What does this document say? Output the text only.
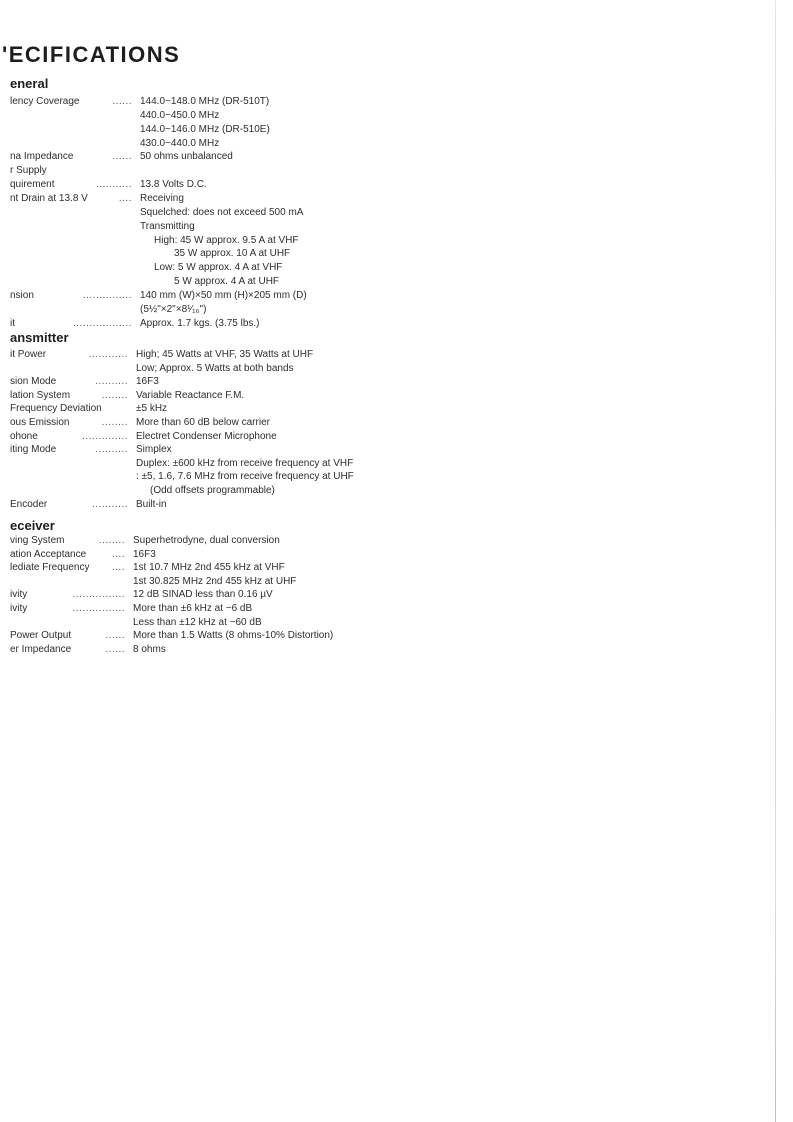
'ECIFICATIONS
eneral
lency Coverage	...... 144.0~148.0 MHz (DR-510T)
440.0~450.0 MHz
144.0~146.0 MHz (DR-510E)
430.0~440.0 MHz
na Impedance	...... 50 ohms unbalanced
r Supply
quirement	........... 13.8 Volts D.C.
nt Drain at 13.8 V	.... Receiving
Squelched: does not exceed 500 mA
Transmitting
High: 45 W approx. 9.5 A at VHF
35 W approx. 10 A at UHF
Low: 5 W approx. 4 A at VHF
5 W approx. 4 A at UHF
nsion	............... 140 mm (W)×50 mm (H)×205 mm (D)
(5½"×2"×8¹⁄₁₆")
it	.................. Approx. 1.7 kgs. (3.75 lbs.)
ansmitter
it Power	............ High; 45 Watts at VHF, 35 Watts at UHF
Low; Approx. 5 Watts at both bands
sion Mode	.......... 16F3
lation System	........ Variable Reactance F.M.
Frequency Deviation	±5 kHz
ous Emission	........ More than 60 dB below carrier
ohone	.............. Electret Condenser Microphone
iting Mode	.......... Simplex
Duplex: ±600 kHz from receive frequency at VHF
: ±5, 1.6, 7.6 MHz from receive frequency at UHF
(Odd offsets programmable)
Encoder	........... Built-in
eceiver
ving System	........ Superhetrodyne, dual conversion
ation Acceptance	.... 16F3
lediate Frequency .... 1st 10.7 MHz 2nd 455 kHz at VHF
1st 30.825 MHz 2nd 455 kHz at UHF
ivity	................ 12 dB SINAD less than 0.16 µV
ivity	................ More than ±6 kHz at −6 dB
Less than ±12 kHz at −60 dB
Power Output	...... More than 1.5 Watts (8 ohms-10% Distortion)
er Impedance	...... 8 ohms
